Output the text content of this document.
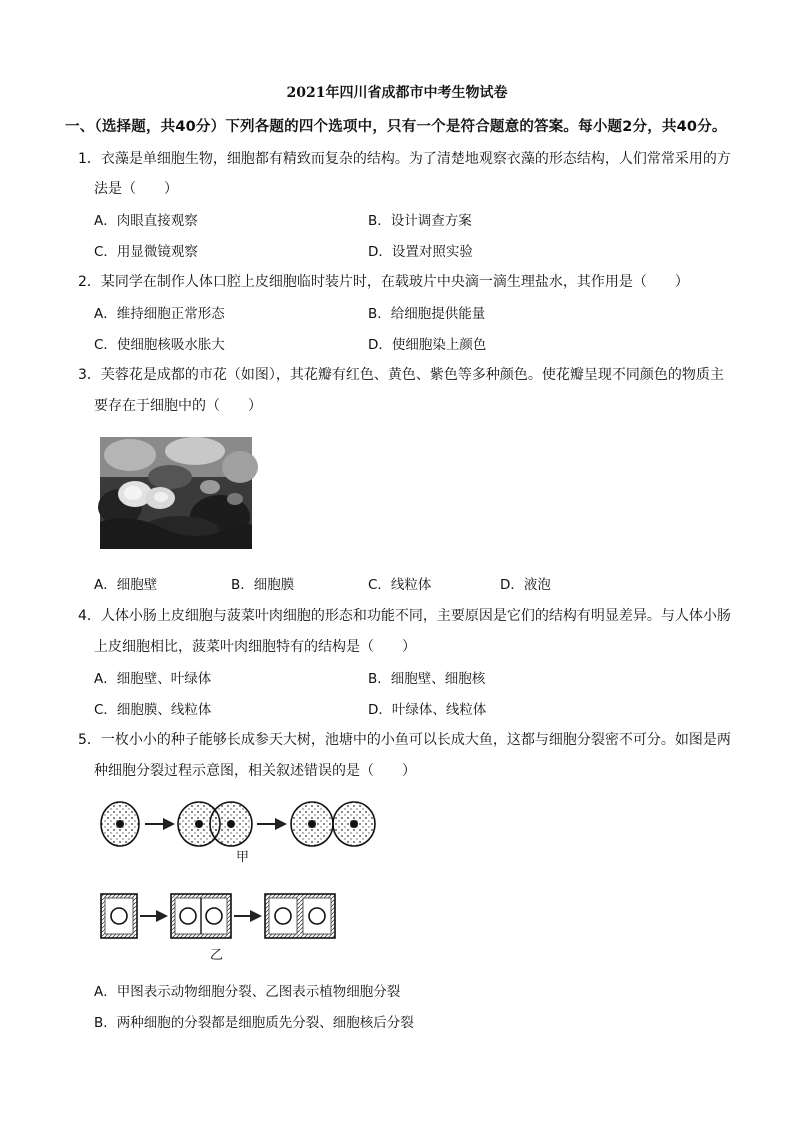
2021年四川省成都市中考生物试卷
一、（选择题，共40分）下列各题的四个选项中，只有一个是符合题意的答案。每小题2分，共40分。
1．衣藻是单细胞生物，细胞都有精致而复杂的结构。为了清楚地观察衣藻的形态结构，人们常常采用的方
法是（　　）
A．肉眼直接观察	B．设计调查方案
C．用显微镜观察	D．设置对照实验
2．某同学在制作人体口腔上皮细胞临时装片时，在载玻片中央滴一滴生理盐水，其作用是（　　）
A．维持细胞正常形态	B．给细胞提供能量
C．使细胞核吸水胀大	D．使细胞染上颜色
3．芙蓉花是成都的市花（如图），其花瓣有红色、黄色、紫色等多种颜色。使花瓣呈现不同颜色的物质主
要存在于细胞中的（　　）
A．细胞壁	B．细胞膜	C．线粒体	D．液泡
4．人体小肠上皮细胞与菠菜叶肉细胞的形态和功能不同，主要原因是它们的结构有明显差异。与人体小肠
上皮细胞相比，菠菜叶肉细胞特有的结构是（　　）
A．细胞壁、叶绿体	B．细胞壁、细胞核
C．细胞膜、线粒体	D．叶绿体、线粒体
5．一枚小小的种子能够长成参天大树，池塘中的小鱼可以长成大鱼，这都与细胞分裂密不可分。如图是两
种细胞分裂过程示意图，相关叙述错误的是（　　）
甲
乙
A．甲图表示动物细胞分裂、乙图表示植物细胞分裂
B．两种细胞的分裂都是细胞质先分裂、细胞核后分裂
